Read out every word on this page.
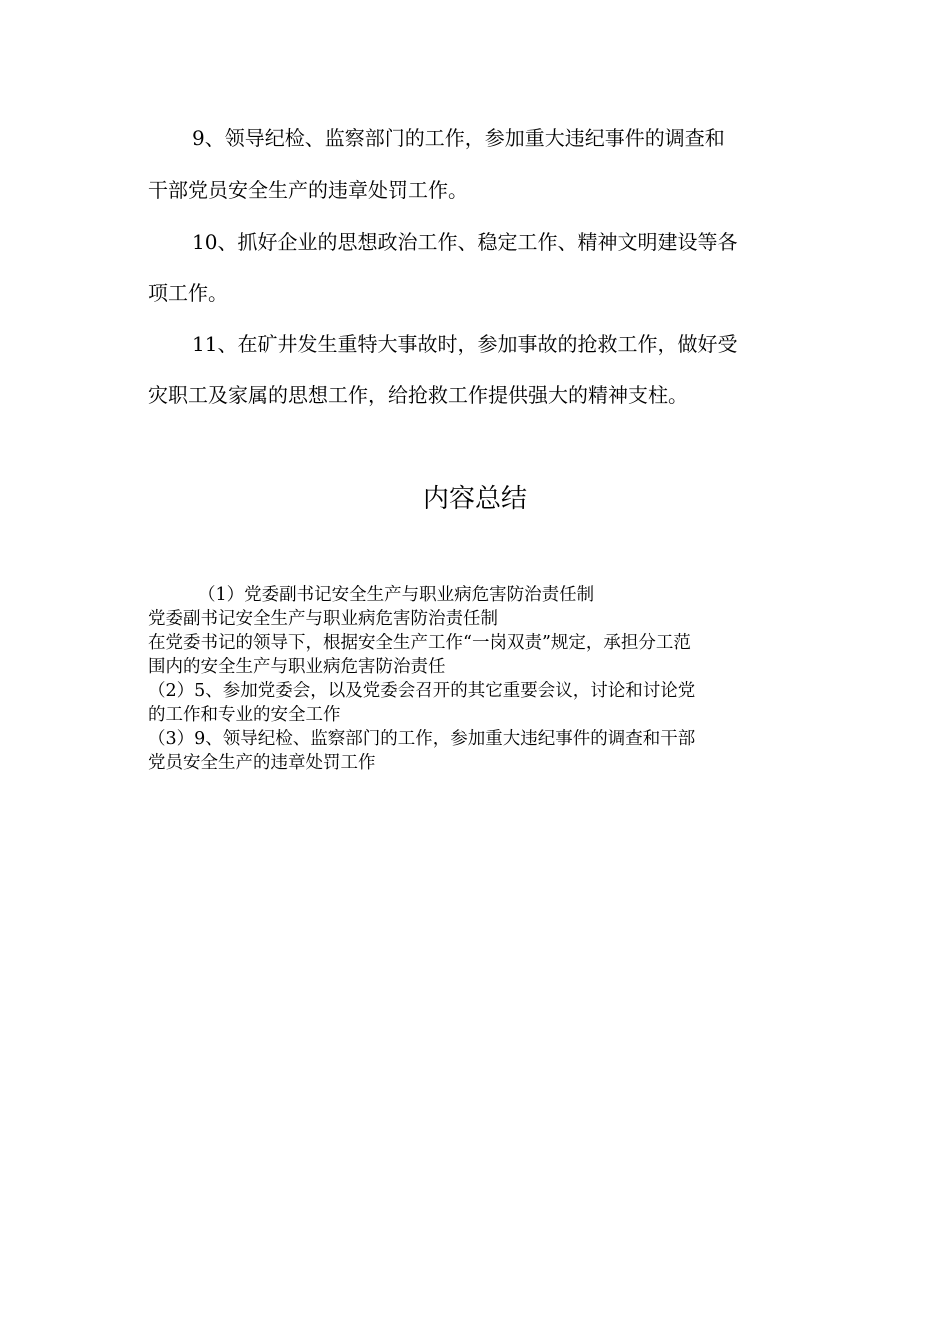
9、领导纪检、监察部门的工作，参加重大违纪事件的调查和

干部党员安全生产的违章处罚工作。

10、抓好企业的思想政治工作、稳定工作、精神文明建设等各

项工作。

11、在矿井发生重特大事故时，参加事故的抢救工作，做好受

灾职工及家属的思想工作，给抢救工作提供强大的精神支柱。

内容总结

（1）党委副书记安全生产与职业病危害防治责任制

党委副书记安全生产与职业病危害防治责任制

在党委书记的领导下，根据安全生产工作“一岗双责”规定，承担分工范

围内的安全生产与职业病危害防治责任

（2）5、参加党委会，以及党委会召开的其它重要会议，讨论和讨论党

的工作和专业的安全工作

（3）9、领导纪检、监察部门的工作，参加重大违纪事件的调查和干部

党员安全生产的违章处罚工作
